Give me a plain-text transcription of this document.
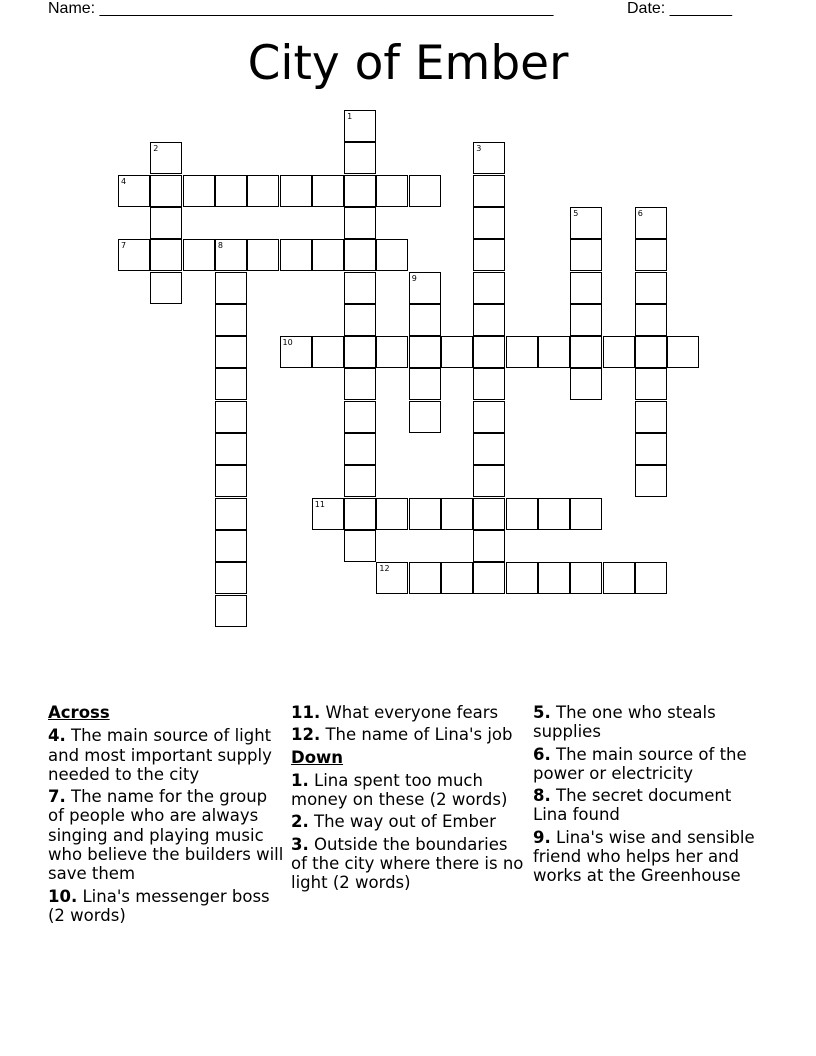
Name: ___________________________________________________	Date: _______
City of Ember
1
2	3
4
5	6
7	8
9
10
11
12
Across
4. The main source of light and most important supply needed to the city
7. The name for the group of people who are always singing and playing music who believe the builders will save them
10. Lina's messenger boss (2 words)
11. What everyone fears
12. The name of Lina's job
Down
1. Lina spent too much money on these (2 words)
2. The way out of Ember
3. Outside the boundaries of the city where there is no light (2 words)
5. The one who steals supplies
6. The main source of the power or electricity
8. The secret document Lina found
9. Lina's wise and sensible friend who helps her and works at the Greenhouse
